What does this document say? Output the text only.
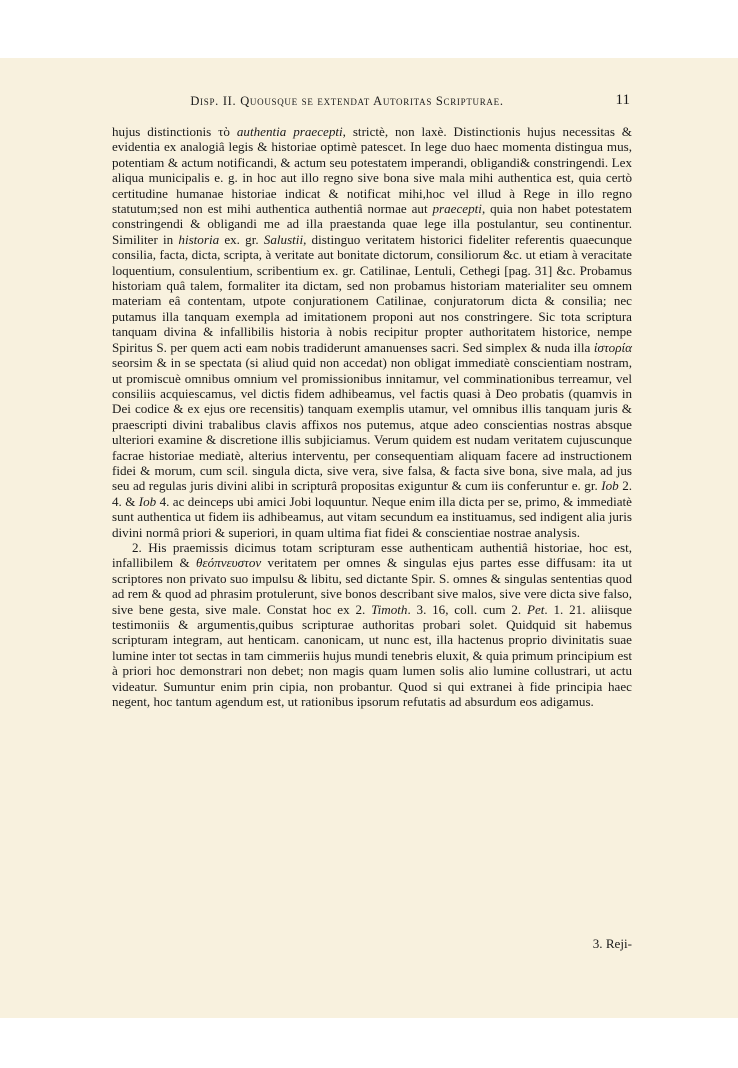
Disp. II. Quousque se extendat Autoritas Scripturae.	11

hujus distinctionis τὸ authentia praecepti, strictè, non laxè. Distinctionis hujus necessitas & evidentia ex analogiâ legis & historiae optimè patescet. In lege duo haec momenta distingua mus, potentiam & actum notificandi, & actum seu potestatem imperandi, obligandi& constringendi. Lex aliqua municipalis e. g. in hoc aut illo regno sive bona sive mala mihi authentica est, quia certò certitudine humanae historiae indicat & notificat mihi,hoc vel illud à Rege in illo regno statutum;sed non est mihi authentica authentiâ normae aut praecepti, quia non habet potestatem constringendi & obligandi me ad illa praestanda quae lege illa postulantur, seu continentur. Similiter in historia ex. gr. Salustii, distinguo veritatem historici fideliter referentis quaecunque consilia, facta, dicta, scripta, à veritate aut bonitate dictorum, consiliorum &c. ut etiam à veracitate loquentium, consulentium, scribentium ex. gr. Catilinae, Lentuli, Cethegi [pag. 31] &c. Probamus historiam quâ talem, formaliter ita dictam, sed non probamus historiam materialiter seu omnem materiam eâ contentam, utpote conjurationem Catilinae, conjuratorum dicta & consilia; nec putamus illa tanquam exempla ad imitationem proponi aut nos constringere. Sic tota scriptura tanquam divina & infallibilis historia à nobis recipitur propter authoritatem historice, nempe Spiritus S. per quem acti eam nobis tradiderunt amanuenses sacri. Sed simplex & nuda illa ἱστορία seorsim & in se spectata (si aliud quid non accedat) non obligat immediatè conscientiam nostram, ut promiscuè omnibus omnium vel promissionibus innitamur, vel comminationibus terreamur, vel consiliis acquiescamus, vel dictis fidem adhibeamus, vel factis quasi à Deo probatis (quamvis in Dei codice & ex ejus ore recensitis) tanquam exemplis utamur, vel omnibus illis tanquam juris & praescripti divini trabalibus clavis affixos nos putemus, atque adeo conscientias nostras absque ulteriori examine & discretione illis subjiciamus. Verum quidem est nudam veritatem cujuscunque facrae historiae mediatè, alterius interventu, per consequentiam aliquam facere ad instructionem fidei & morum, cum scil. singula dicta, sive vera, sive falsa, & facta sive bona, sive mala, ad jus seu ad regulas juris divini alibi in scripturâ propositas exiguntur & cum iis conferuntur e. gr. Iob 2. 4. & Iob 4. ac deinceps ubi amici Jobi loquuntur. Neque enim illa dicta per se, primo, & immediatè sunt authentica ut fidem iis adhibeamus, aut vitam secundum ea instituamus, sed indigent alia juris divini normâ priori & superiori, in quam ultima fiat fidei & conscientiae nostrae analysis.

2. His praemissis dicimus totam scripturam esse authenticam authentiâ historiae, hoc est, infallibilem & θεόπνευστον veritatem per omnes & singulas ejus partes esse diffusam: ita ut scriptores non privato suo impulsu & libitu, sed dictante Spir. S. omnes & singulas sententias quod ad rem & quod ad phrasim protulerunt, sive bonos describant sive malos, sive vere dicta sive falso, sive bene gesta, sive male. Constat hoc ex 2. Timoth. 3. 16, coll. cum 2. Pet. 1. 21. aliisque testimoniis & argumentis,quibus scripturae authoritas probari solet. Quidquid sit habemus scripturam integram, aut henticam. canonicam, ut nunc est, illa hactenus proprio divinitatis suae lumine inter tot sectas in tam cimmeriis hujus mundi tenebris eluxit, & quia primum principium est à priori hoc demonstrari non debet; non magis quam lumen solis alio lumine collustrari, ut actu videatur. Sumuntur enim prin cipia, non probantur. Quod si qui extranei à fide principia haec negent, hoc tantum agendum est, ut rationibus ipsorum refutatis ad absurdum eos adigamus.

3. Reji-
